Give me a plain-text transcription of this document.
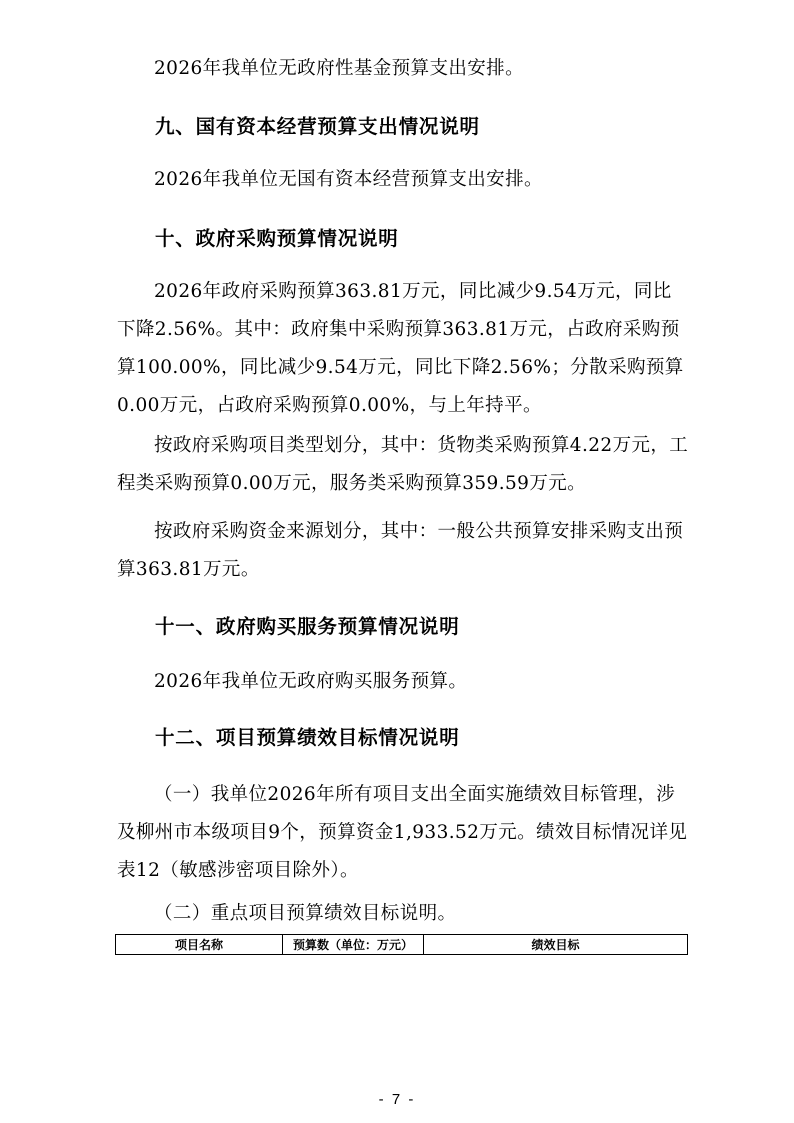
2026年我单位无政府性基金预算支出安排。

九、国有资本经营预算支出情况说明

2026年我单位无国有资本经营预算支出安排。

十、政府采购预算情况说明

2026年政府采购预算363.81万元，同比减少9.54万元，同比下降2.56%。其中：政府集中采购预算363.81万元，占政府采购预算100.00%，同比减少9.54万元，同比下降2.56%；分散采购预算0.00万元，占政府采购预算0.00%，与上年持平。

按政府采购项目类型划分，其中：货物类采购预算4.22万元，工程类采购预算0.00万元，服务类采购预算359.59万元。

按政府采购资金来源划分，其中：一般公共预算安排采购支出预算363.81万元。

十一、政府购买服务预算情况说明

2026年我单位无政府购买服务预算。

十二、项目预算绩效目标情况说明

（一）我单位2026年所有项目支出全面实施绩效目标管理，涉及柳州市本级项目9个，预算资金1,933.52万元。绩效目标情况详见表12（敏感涉密项目除外）。

（二）重点项目预算绩效目标说明。

项目名称	预算数（单位：万元）	绩效目标
- 7 -
